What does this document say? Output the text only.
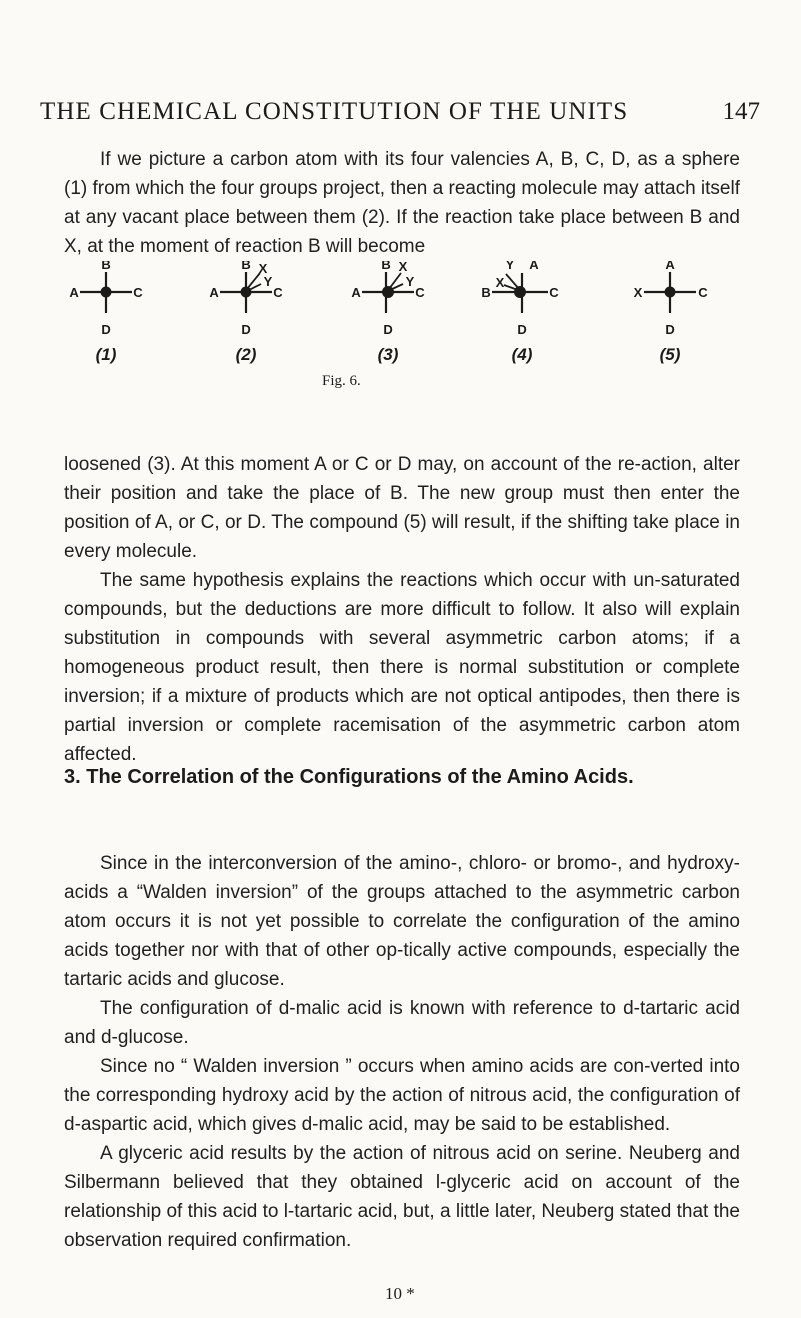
THE CHEMICAL CONSTITUTION OF THE UNITS	147

If we picture a carbon atom with its four valencies A, B, C, D, as a sphere (1) from which the four groups project, then a reacting molecule may attach itself at any vacant place between them (2). If the reaction take place between B and X, at the moment of reaction B will become

B
A	C
D
(1)
B X
Y
A	C
D
(2)
B X
Y
A	C
D
(3)
Y A
X
B	C
D
(4)
A
X	C
D
(5)
Fig. 6.

loosened (3). At this moment A or C or D may, on account of the re-action, alter their position and take the place of B. The new group must then enter the position of A, or C, or D. The compound (5) will result, if the shifting take place in every molecule.

The same hypothesis explains the reactions which occur with un-saturated compounds, but the deductions are more difficult to follow. It also will explain substitution in compounds with several asymmetric carbon atoms; if a homogeneous product result, then there is normal substitution or complete inversion; if a mixture of products which are not optical antipodes, then there is partial inversion or complete racemisation of the asymmetric carbon atom affected.

3. The Correlation of the Configurations of the Amino Acids.

Since in the interconversion of the amino-, chloro- or bromo-, and hydroxy-acids a “Walden inversion” of the groups attached to the asymmetric carbon atom occurs it is not yet possible to correlate the configuration of the amino acids together nor with that of other op-tically active compounds, especially the tartaric acids and glucose.

The configuration of d-malic acid is known with reference to d-tartaric acid and d-glucose.

Since no “ Walden inversion ” occurs when amino acids are con-verted into the corresponding hydroxy acid by the action of nitrous acid, the configuration of d-aspartic acid, which gives d-malic acid, may be said to be established.

A glyceric acid results by the action of nitrous acid on serine. Neuberg and Silbermann believed that they obtained l-glyceric acid on account of the relationship of this acid to l-tartaric acid, but, a little later, Neuberg stated that the observation required confirmation.

10 *
